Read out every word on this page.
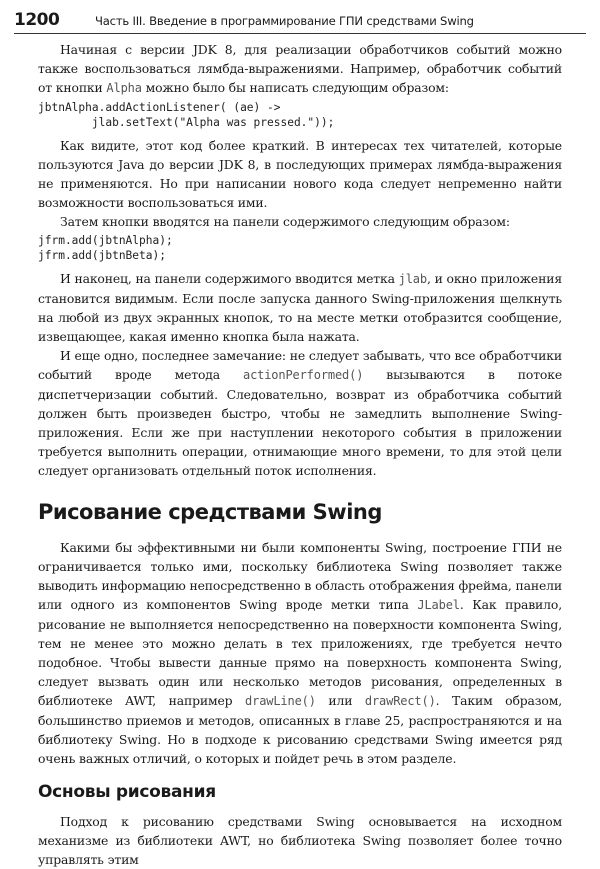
1200	Часть III. Введение в программирование ГПИ средствами Swing

Начиная с версии JDK 8, для реализации обработчиков событий можно также воспользоваться лямбда-выражениями. Например, обработчик событий от кнопки Alpha можно было бы написать следующим образом:

jbtnAlpha.addActionListener( (ae) ->
jlab.setText("Alpha was pressed."));

Как видите, этот код более краткий. В интересах тех читателей, которые пользуются Java до версии JDK 8, в последующих примерах лямбда-выражения не применяются. Но при написании нового кода следует непременно найти возможности воспользоваться ими.

Затем кнопки вводятся на панели содержимого следующим образом:

jfrm.add(jbtnAlpha);
jfrm.add(jbtnBeta);

И наконец, на панели содержимого вводится метка jlab, и окно приложения становится видимым. Если после запуска данного Swing-приложения щелкнуть на любой из двух экранных кнопок, то на месте метки отобразится сообщение, извещающее, какая именно кнопка была нажата.

И еще одно, последнее замечание: не следует забывать, что все обработчики событий вроде метода actionPerformed() вызываются в потоке диспетчеризации событий. Следовательно, возврат из обработчика событий должен быть произведен быстро, чтобы не замедлить выполнение Swing-приложения. Если же при наступлении некоторого события в приложении требуется выполнить операции, отнимающие много времени, то для этой цели следует организовать отдельный поток исполнения.

Рисование средствами Swing

Какими бы эффективными ни были компоненты Swing, построение ГПИ не ограничивается только ими, поскольку библиотека Swing позволяет также выводить информацию непосредственно в область отображения фрейма, панели или одного из компонентов Swing вроде метки типа JLabel. Как правило, рисование не выполняется непосредственно на поверхности компонента Swing, тем не менее это можно делать в тех приложениях, где требуется нечто подобное. Чтобы вывести данные прямо на поверхность компонента Swing, следует вызвать один или несколько методов рисования, определенных в библиотеке AWT, например drawLine() или drawRect(). Таким образом, большинство приемов и методов, описанных в главе 25, распространяются и на библиотеку Swing. Но в подходе к рисованию средствами Swing имеется ряд очень важных отличий, о которых и пойдет речь в этом разделе.

Основы рисования

Подход к рисованию средствами Swing основывается на исходном механизме из библиотеки AWT, но библиотека Swing позволяет более точно управлять этим
